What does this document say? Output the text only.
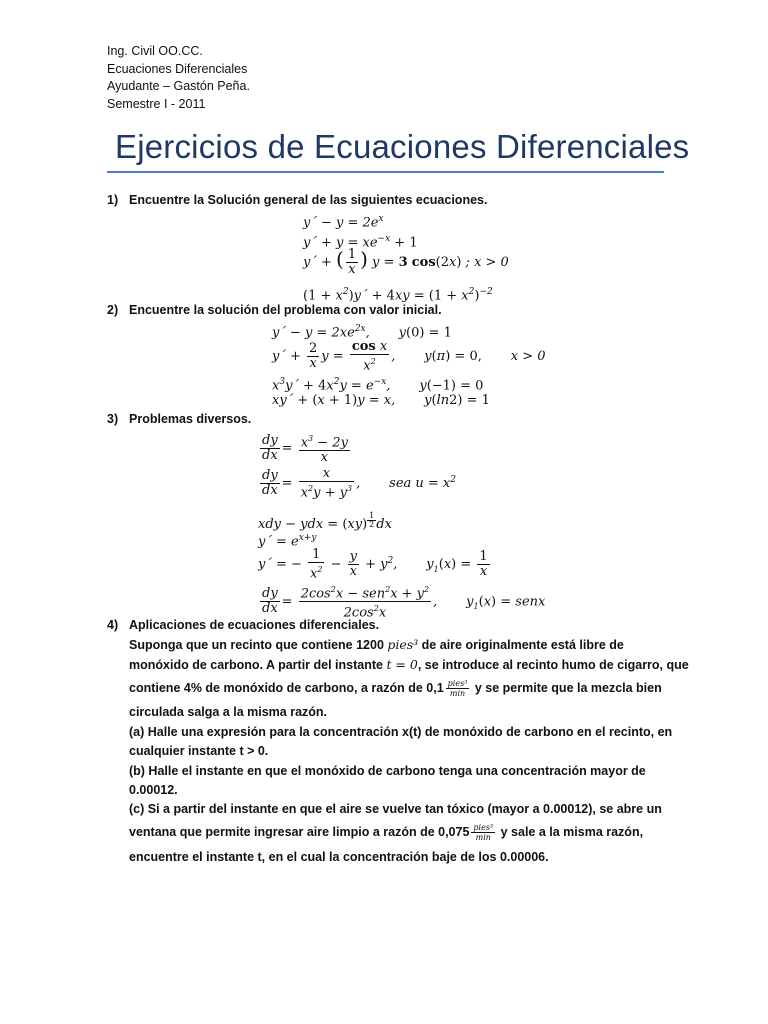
Ing. Civil OO.CC.
Ecuaciones Diferenciales
Ayudante – Gastón Peña.
Semestre I - 2011
Ejercicios de Ecuaciones Diferenciales
1) Encuentre la Solución general de las siguientes ecuaciones.
y´ − $y = 2e^x$
y´ + $y = xe^{-x} + 1$
y´ + ( $\frac{1}{x}$ ) y = 3 cos(2x) ; x > 0
$(1 + x^2)y´ + 4xy = (1 + x^2)^{-2}$
2) Encuentre la solución del problema con valor inicial.
y´ − $y = 2xe^{2x}$,       y(0) = 1
y´ + $\frac{2}{x}$ $y = \frac{\text{cos x}}{x^2}$ ,       y(π) = 0,       x > 0
$x^3y´ + 4x^2y = e^{-x}$,       y(−1) = 0
xy´ + (x + 1)y = x,       y(ln2) = 1
3) Problemas diversos.
$\frac{dy}{dx} = \frac{x^3 - 2y}{x}$
$\frac{dy}{dx} = \frac{x}{x^2y + y^3}$ ,       sea $u = x^2$
xdy − ydx = (xy) $^{\frac{1}{2}}$ dx
y´ = $e^{x+y}$
y´ = − $\frac{1}{x^2} - \frac{y}{x} + y^2$,       $y_1(x) = \frac{1}{x}$
$\frac{dy}{dx} = \frac{2\cos^2x - sen^2x + y^2}{2\cos^2x}$ ,       $y_1(x)$ = senx
4) Aplicaciones de ecuaciones diferenciales.
Suponga que un recinto que contiene 1200 pies³ de aire originalmente está libre de
monóxido de carbono. A partir del instante t = 0, se introduce al recinto humo de cigarro, que
contiene 4% de monóxido de carbono, a razón de $0,1 \frac{\text{pies³}}{\min}$ y se permite que la mezcla bien
circulada salga a la misma razón.
(a) Halle una expresión para la concentración x(t) de monóxido de carbono en el recinto, en
cualquier instante t > 0.
(b) Halle el instante en que el monóxido de carbono tenga una concentración mayor de
0.00012.
(c) Si a partir del instante en que el aire se vuelve tan tóxico (mayor a 0.00012), se abre un
ventana que permite ingresar aire limpio a razón de $0,075 \frac{\text{pies³}}{\min}$ y sale a la misma razón,
encuentre el instante t, en el cual la concentración baje de los 0.00006.
